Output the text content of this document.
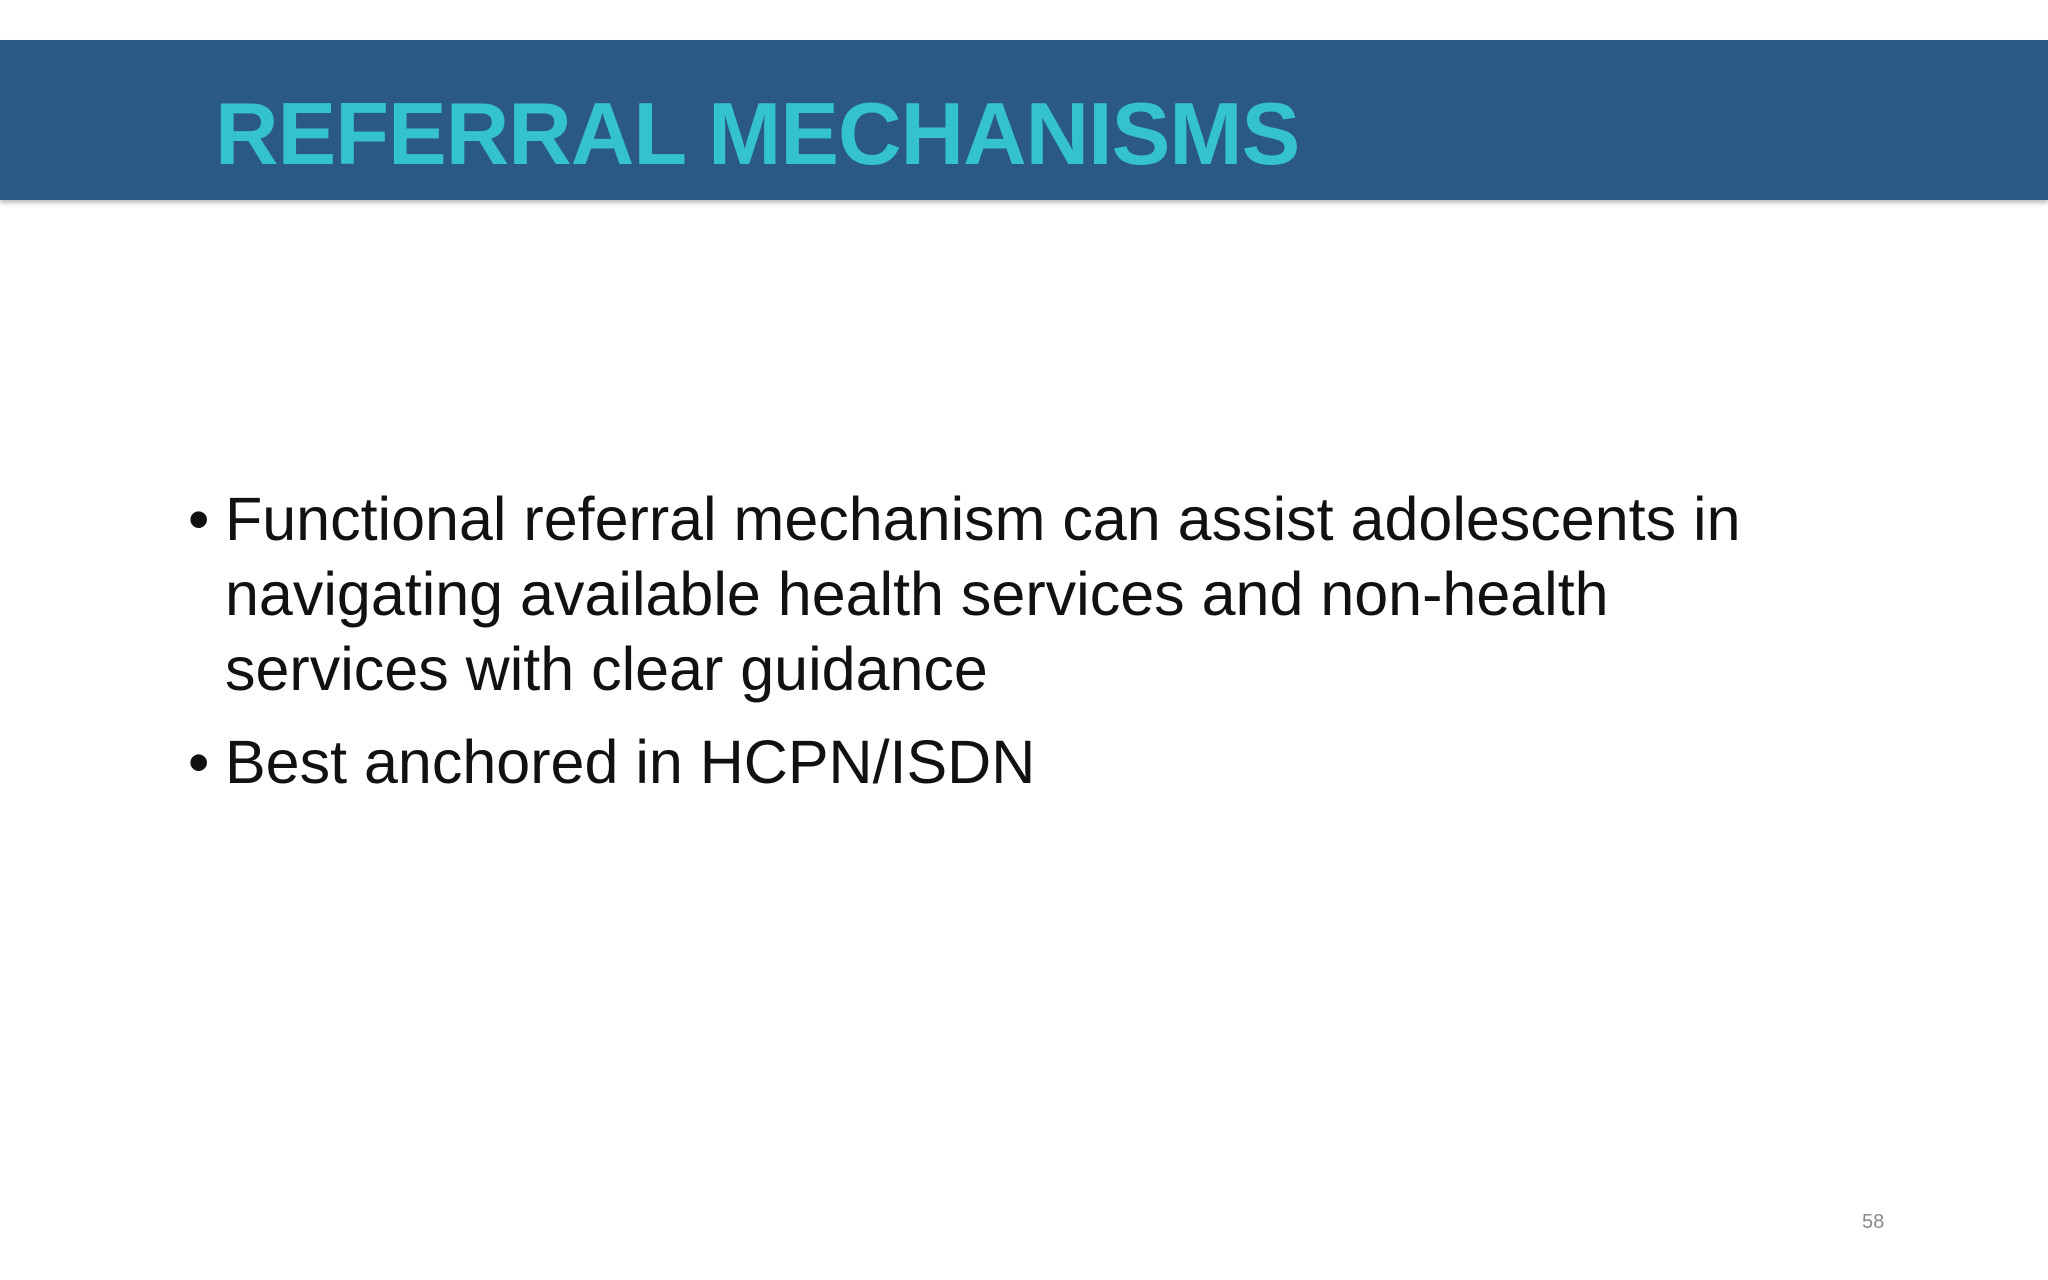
REFERRAL MECHANISMS
• Functional referral mechanism can assist adolescents in navigating available health services and non-health services with clear guidance
• Best anchored in HCPN/ISDN
58
